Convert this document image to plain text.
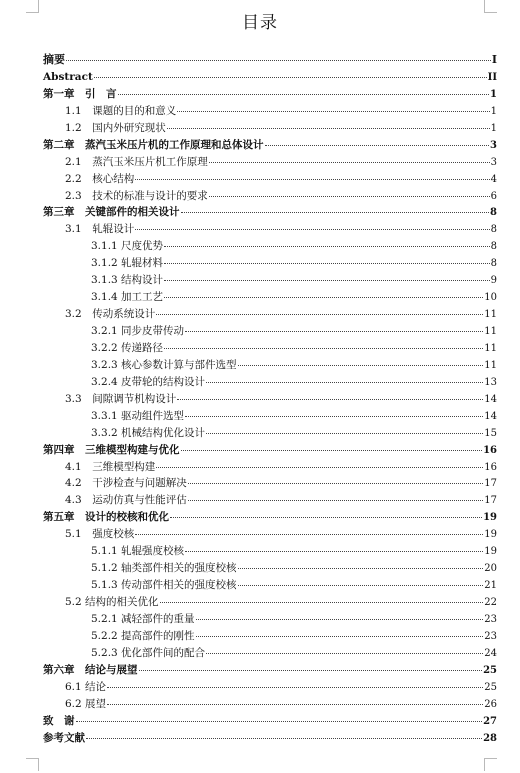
目录
摘要	I
Abstract	II
第一章　引　言	1
1.1　课题的目的和意义	1
1.2　国内外研究现状	1
第二章　蒸汽玉米压片机的工作原理和总体设计	3
2.1　蒸汽玉米压片机工作原理	3
2.2　核心结构	4
2.3　技术的标准与设计的要求	6
第三章　关键部件的相关设计	8
3.1　轧辊设计	8
3.1.1 尺度优势	8
3.1.2 轧辊材料	8
3.1.3 结构设计	9
3.1.4 加工工艺	10
3.2　传动系统设计	11
3.2.1 同步皮带传动	11
3.2.2 传递路径	11
3.2.3 核心参数计算与部件选型	11
3.2.4 皮带轮的结构设计	13
3.3　间隙调节机构设计	14
3.3.1 驱动组件选型	14
3.3.2 机械结构优化设计	15
第四章　三维模型构建与优化	16
4.1　三维模型构建	16
4.2　干涉检查与问题解决	17
4.3　运动仿真与性能评估	17
第五章　设计的校核和优化	19
5.1　强度校核	19
5.1.1 轧辊强度校核	19
5.1.2 轴类部件相关的强度校核	20
5.1.3 传动部件相关的强度校核	21
5.2 结构的相关优化	22
5.2.1 减轻部件的重量	23
5.2.2 提高部件的刚性	23
5.2.3 优化部件间的配合	24
第六章　结论与展望	25
6.1 结论	25
6.2 展望	26
致　谢	27
参考文献	28
